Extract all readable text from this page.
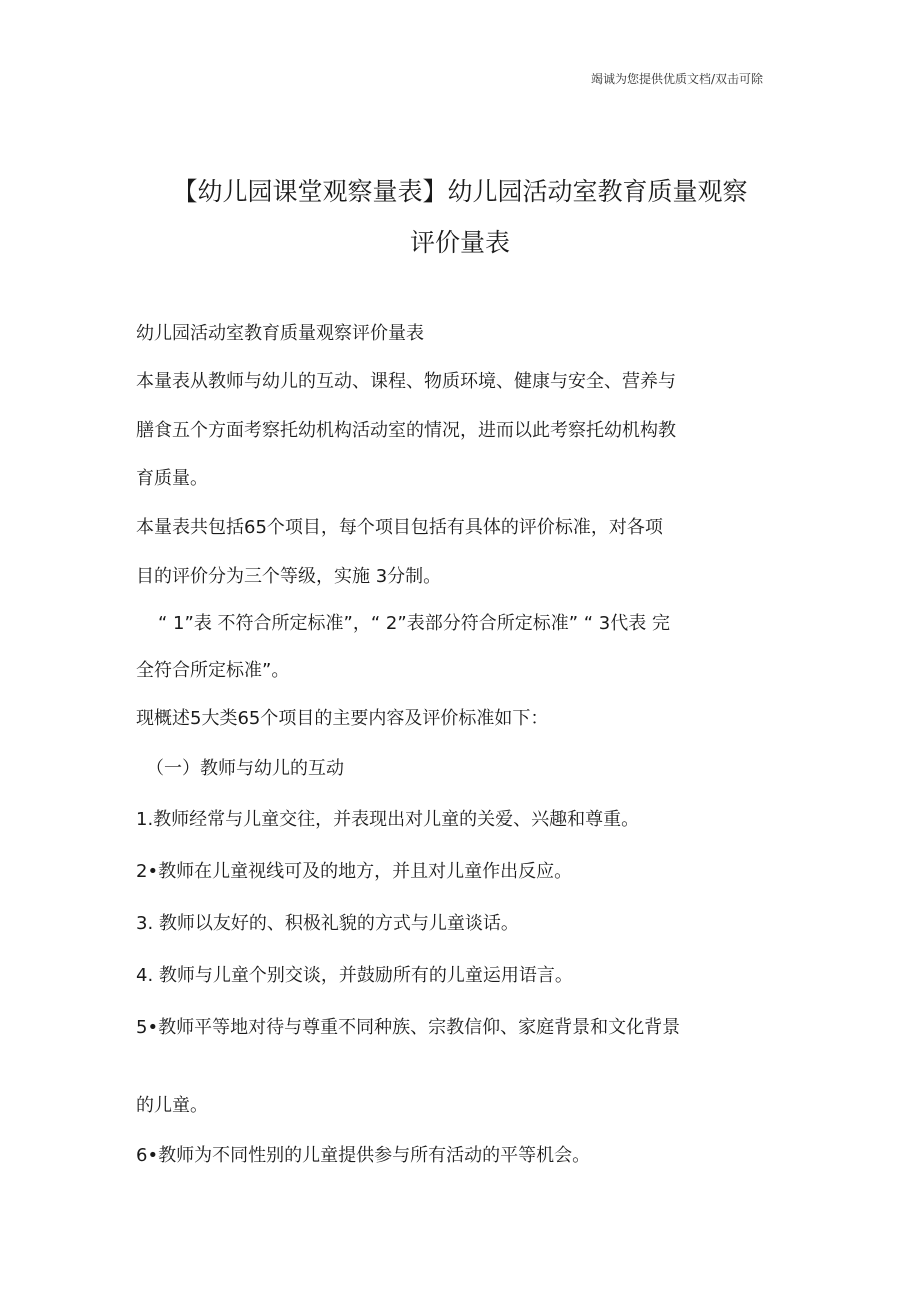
竭诚为您提供优质文档/双击可除
【幼儿园课堂观察量表】幼儿园活动室教育质量观察
评价量表
幼儿园活动室教育质量观察评价量表
本量表从教师与幼儿的互动、课程、物质环境、健康与安全、营养与
膳食五个方面考察托幼机构活动室的情况，进而以此考察托幼机构教
育质量。
本量表共包括65个项目，每个项目包括有具体的评价标准，对各项
目的评价分为三个等级，实施 3分制。
“ 1”表 不符合所定标准”，“ 2”表部分符合所定标准” “ 3代表 完
全符合所定标准”。
现概述5大类65个项目的主要内容及评价标准如下：
（一）教师与幼儿的互动
1.教师经常与儿童交往，并表现出对儿童的关爱、兴趣和尊重。
2•教师在儿童视线可及的地方，并且对儿童作出反应。
3. 教师以友好的、积极礼貌的方式与儿童谈话。
4. 教师与儿童个别交谈，并鼓励所有的儿童运用语言。
5•教师平等地对待与尊重不同种族、宗教信仰、家庭背景和文化背景
的儿童。
6•教师为不同性别的儿童提供参与所有活动的平等机会。
